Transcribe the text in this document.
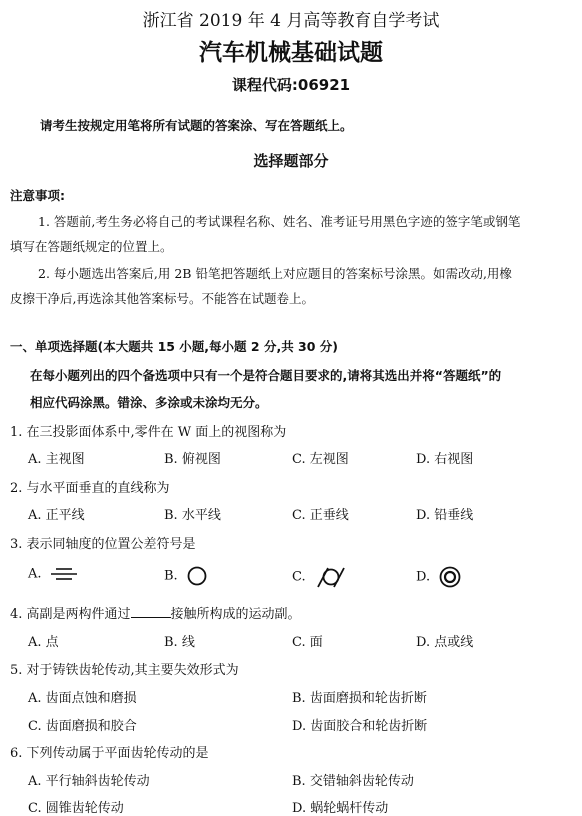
浙江省 2019 年 4 月高等教育自学考试
汽车机械基础试题
课程代码:06921
请考生按规定用笔将所有试题的答案涂、写在答题纸上。
选择题部分
注意事项:
1. 答题前,考生务必将自己的考试课程名称、姓名、准考证号用黑色字迹的签字笔或钢笔
填写在答题纸规定的位置上。
2. 每小题选出答案后,用 2B 铅笔把答题纸上对应题目的答案标号涂黑。如需改动,用橡
皮擦干净后,再选涂其他答案标号。不能答在试题卷上。
一、单项选择题(本大题共 15 小题,每小题 2 分,共 30 分)
在每小题列出的四个备选项中只有一个是符合题目要求的,请将其选出并将“答题纸”的
相应代码涂黑。错涂、多涂或未涂均无分。
1. 在三投影面体系中,零件在 W 面上的视图称为
A. 主视图	B. 俯视图	C. 左视图	D. 右视图
2. 与水平面垂直的直线称为
A. 正平线	B. 水平线	C. 正垂线	D. 铅垂线
3. 表示同轴度的位置公差符号是
A.	B.	C.	D.
4. 高副是两构件通过	接触所构成的运动副。
A. 点	B. 线	C. 面	D. 点或线
5. 对于铸铁齿轮传动,其主要失效形式为
A. 齿面点蚀和磨损	B. 齿面磨损和轮齿折断
C. 齿面磨损和胶合	D. 齿面胶合和轮齿折断
6. 下列传动属于平面齿轮传动的是
A. 平行轴斜齿轮传动	B. 交错轴斜齿轮传动
C. 圆锥齿轮传动	D. 蜗轮蜗杆传动
